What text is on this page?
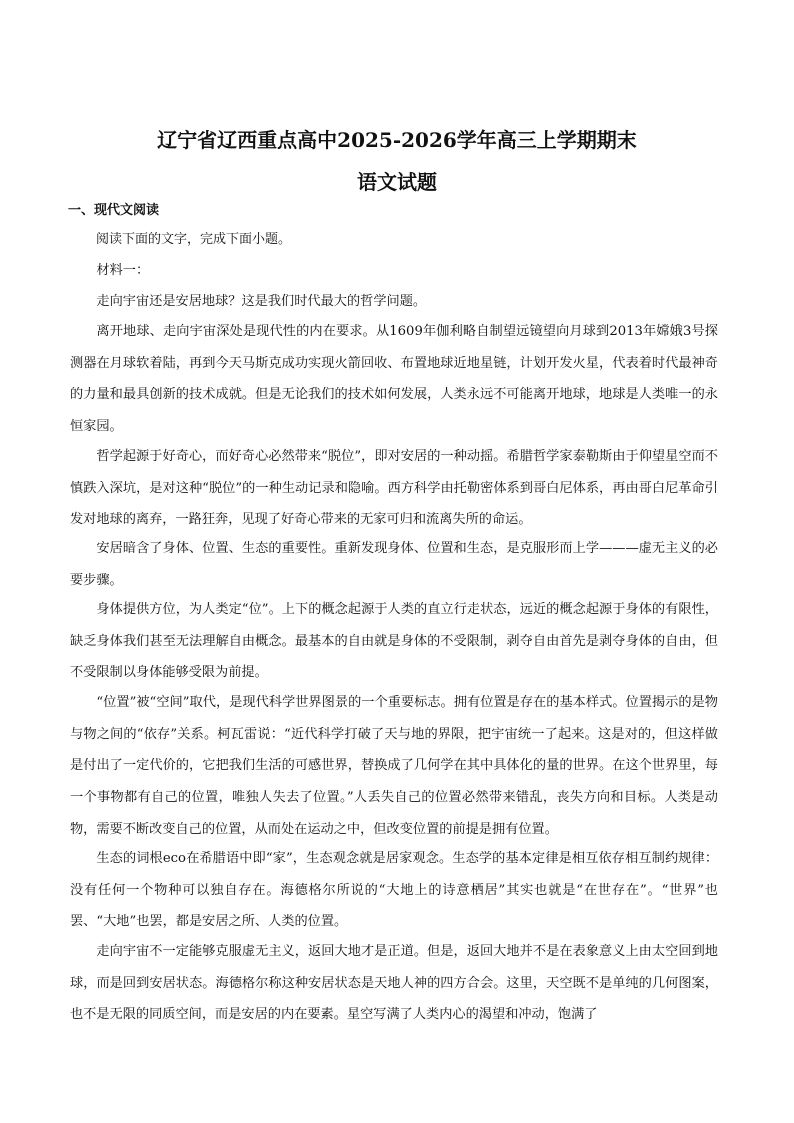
辽宁省辽西重点高中2025-2026学年高三上学期期末
语文试题
一、现代文阅读

阅读下面的文字，完成下面小题。

材料一：

走向宇宙还是安居地球？这是我们时代最大的哲学问题。

离开地球、走向宇宙深处是现代性的内在要求。从1609年伽利略自制望远镜望向月球到2013年嫦娥3号探测器在月球软着陆，再到今天马斯克成功实现火箭回收、布置地球近地星链，计划开发火星，代表着时代最神奇的力量和最具创新的技术成就。但是无论我们的技术如何发展，人类永远不可能离开地球，地球是人类唯一的永恒家园。

哲学起源于好奇心，而好奇心必然带来“脱位”，即对安居的一种动摇。希腊哲学家泰勒斯由于仰望星空而不慎跌入深坑，是对这种“脱位”的一种生动记录和隐喻。西方科学由托勒密体系到哥白尼体系，再由哥白尼革命引发对地球的离弃，一路狂奔，见现了好奇心带来的无家可归和流离失所的命运。

安居暗含了身体、位置、生态的重要性。重新发现身体、位置和生态，是克服形而上学———虚无主义的必要步骤。

身体提供方位，为人类定“位”。上下的概念起源于人类的直立行走状态，远近的概念起源于身体的有限性，缺乏身体我们甚至无法理解自由概念。最基本的自由就是身体的不受限制，剥夺自由首先是剥夺身体的自由，但不受限制以身体能够受限为前提。

“位置”被“空间”取代，是现代科学世界图景的一个重要标志。拥有位置是存在的基本样式。位置揭示的是物与物之间的“依存”关系。柯瓦雷说：“近代科学打破了天与地的界限，把宇宙统一了起来。这是对的，但这样做是付出了一定代价的，它把我们生活的可感世界，替换成了几何学在其中具体化的量的世界。在这个世界里，每一个事物都有自己的位置，唯独人失去了位置。”人丢失自己的位置必然带来错乱，丧失方向和目标。人类是动物，需要不断改变自己的位置，从而处在运动之中，但改变位置的前提是拥有位置。

生态的词根eco在希腊语中即“家”，生态观念就是居家观念。生态学的基本定律是相互依存相互制约规律：没有任何一个物种可以独自存在。海德格尔所说的“大地上的诗意栖居”其实也就是“在世存在”。“世界”也罢、“大地”也罢，都是安居之所、人类的位置。

走向宇宙不一定能够克服虚无主义，返回大地才是正道。但是，返回大地并不是在表象意义上由太空回到地球，而是回到安居状态。海德格尔称这种安居状态是天地人神的四方合会。这里，天空既不是单纯的几何图案，也不是无限的同质空间，而是安居的内在要素。星空写满了人类内心的渴望和冲动，饱满了
